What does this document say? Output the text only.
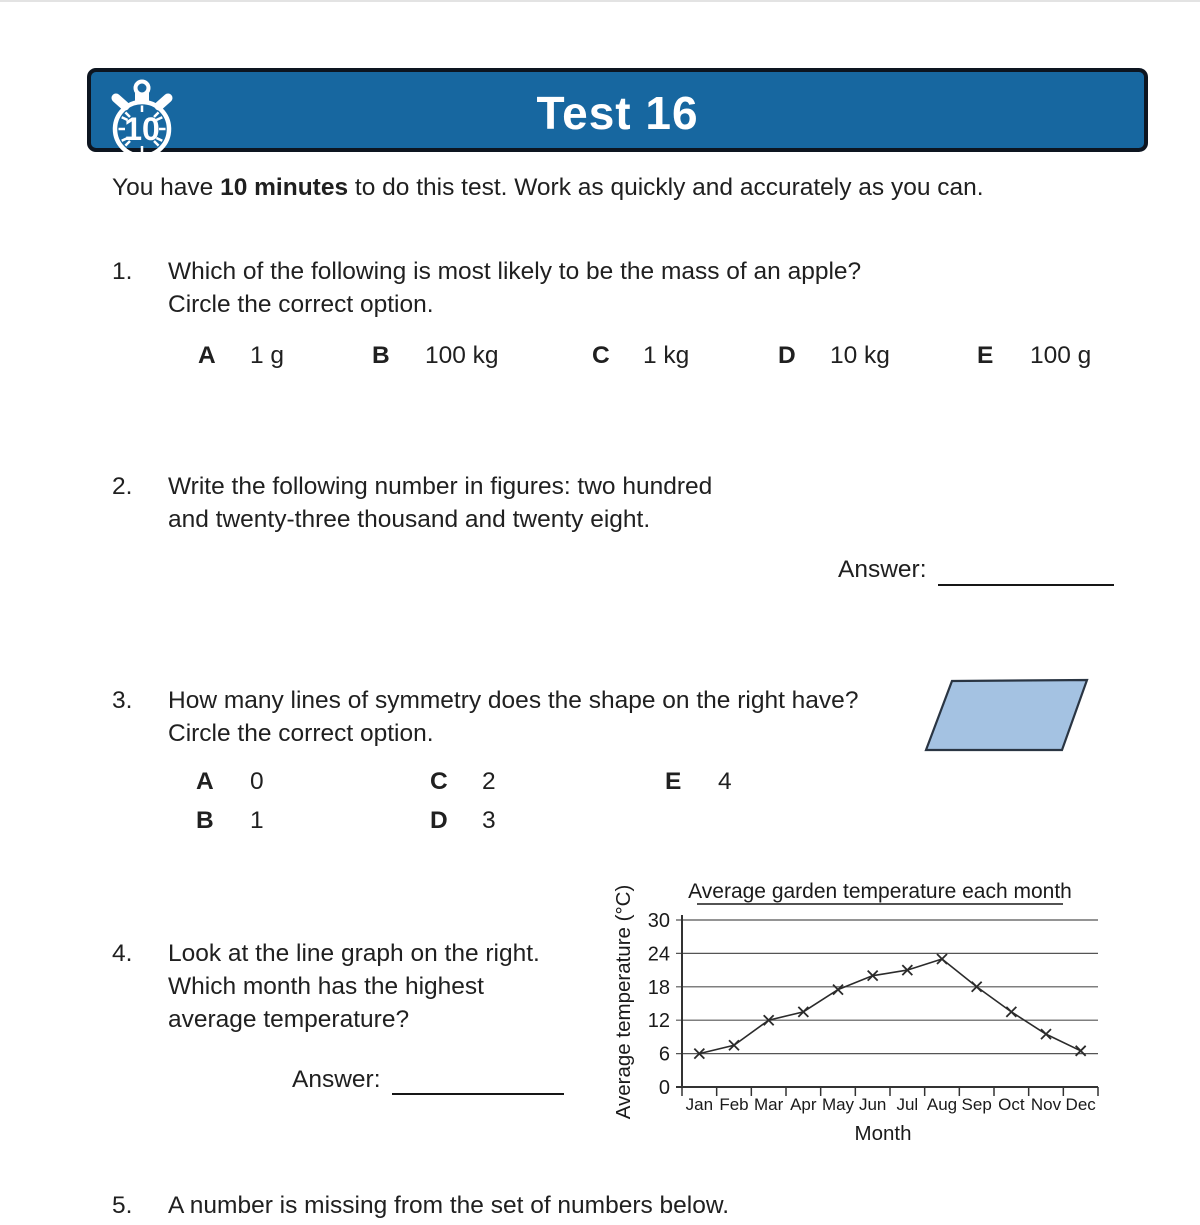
10	Test 16
You have 10 minutes to do this test. Work as quickly and accurately as you can.
1. Which of the following is most likely to be the mass of an apple?
Circle the correct option.
A 1 g	B 100 kg	C 1 kg	D 10 kg	E 100 g
2. Write the following number in figures: two hundred
and twenty-three thousand and twenty eight.
Answer:
3. How many lines of symmetry does the shape on the right have?
Circle the correct option.
A 0	C 2	E 4
B 1	D 3
4. Look at the line graph on the right.
Which month has the highest
average temperature?
Answer:
Average garden temperature each month
0
6
12
18
24
30
Jan Feb Mar Apr May Jun Jul Aug Sep Oct Nov Dec
Month
Average temperature (°C)
5. A number is missing from the set of numbers below.
